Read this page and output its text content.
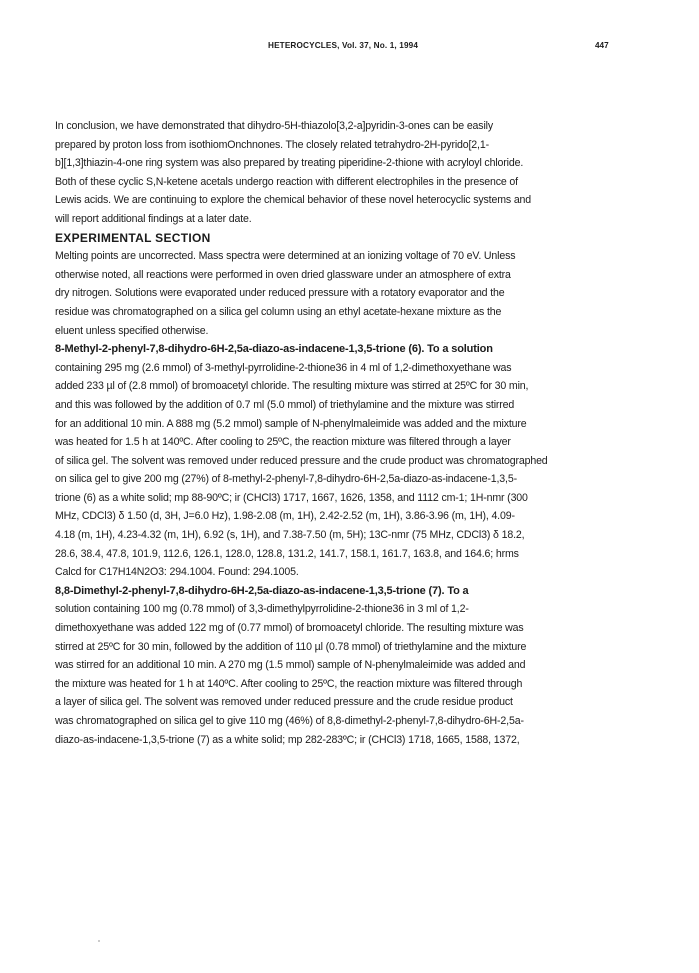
HETEROCYCLES, Vol. 37, No. 1, 1994	447

In conclusion, we have demonstrated that dihydro-5H-thiazolo[3,2-a]pyridin-3-ones can be easily

prepared by proton loss from isothiomOnchnones. The closely related tetrahydro-2H-pyrido[2,1-

b][1,3]thiazin-4-one ring system was also prepared by treating piperidine-2-thione with acryloyl chloride.

Both of these cyclic S,N-ketene acetals undergo reaction with different electrophiles in the presence of

Lewis acids. We are continuing to explore the chemical behavior of these novel heterocyclic systems and

will report additional findings at a later date.

EXPERIMENTAL SECTION

Melting points are uncorrected. Mass spectra were determined at an ionizing voltage of 70 eV. Unless

otherwise noted, all reactions were performed in oven dried glassware under an atmosphere of extra

dry nitrogen. Solutions were evaporated under reduced pressure with a rotatory evaporator and the

residue was chromatographed on a silica gel column using an ethyl acetate-hexane mixture as the

eluent unless specified otherwise.

8-Methyl-2-phenyl-7,8-dihydro-6H-2,5a-diazo-as-indacene-1,3,5-trione (6). To a solution

containing 295 mg (2.6 mmol) of 3-methyl-pyrrolidine-2-thione36 in 4 ml of 1,2-dimethoxyethane was

added 233 µl of (2.8 mmol) of bromoacetyl chloride. The resulting mixture was stirred at 25ºC for 30 min,

and this was followed by the addition of 0.7 ml (5.0 mmol) of triethylamine and the mixture was stirred

for an additional 10 min. A 888 mg (5.2 mmol) sample of N-phenylmaleimide was added and the mixture

was heated for 1.5 h at 140ºC. After cooling to 25ºC, the reaction mixture was filtered through a layer

of silica gel. The solvent was removed under reduced pressure and the crude product was chromatographed

on silica gel to give 200 mg (27%) of 8-methyl-2-phenyl-7,8-dihydro-6H-2,5a-diazo-as-indacene-1,3,5-

trione (6) as a white solid; mp 88-90ºC; ir (CHCl3) 1717, 1667, 1626, 1358, and 1112 cm-1; 1H-nmr (300

MHz, CDCl3) δ 1.50 (d, 3H, J=6.0 Hz), 1.98-2.08 (m, 1H), 2.42-2.52 (m, 1H), 3.86-3.96 (m, 1H), 4.09-

4.18 (m, 1H), 4.23-4.32 (m, 1H), 6.92 (s, 1H), and 7.38-7.50 (m, 5H); 13C-nmr (75 MHz, CDCl3) δ 18.2,

28.6, 38.4, 47.8, 101.9, 112.6, 126.1, 128.0, 128.8, 131.2, 141.7, 158.1, 161.7, 163.8, and 164.6; hrms

Calcd for C17H14N2O3: 294.1004. Found: 294.1005.

8,8-Dimethyl-2-phenyl-7,8-dihydro-6H-2,5a-diazo-as-indacene-1,3,5-trione (7). To a

solution containing 100 mg (0.78 mmol) of 3,3-dimethylpyrrolidine-2-thione36 in 3 ml of 1,2-

dimethoxyethane was added 122 mg of (0.77 mmol) of bromoacetyl chloride. The resulting mixture was

stirred at 25ºC for 30 min, followed by the addition of 110 µl (0.78 mmol) of triethylamine and the mixture

was stirred for an additional 10 min. A 270 mg (1.5 mmol) sample of N-phenylmaleimide was added and

the mixture was heated for 1 h at 140ºC. After cooling to 25ºC, the reaction mixture was filtered through

a layer of silica gel. The solvent was removed under reduced pressure and the crude residue product

was chromatographed on silica gel to give 110 mg (46%) of 8,8-dimethyl-2-phenyl-7,8-dihydro-6H-2,5a-

diazo-as-indacene-1,3,5-trione (7) as a white solid; mp 282-283ºC; ir (CHCl3) 1718, 1665, 1588, 1372,
